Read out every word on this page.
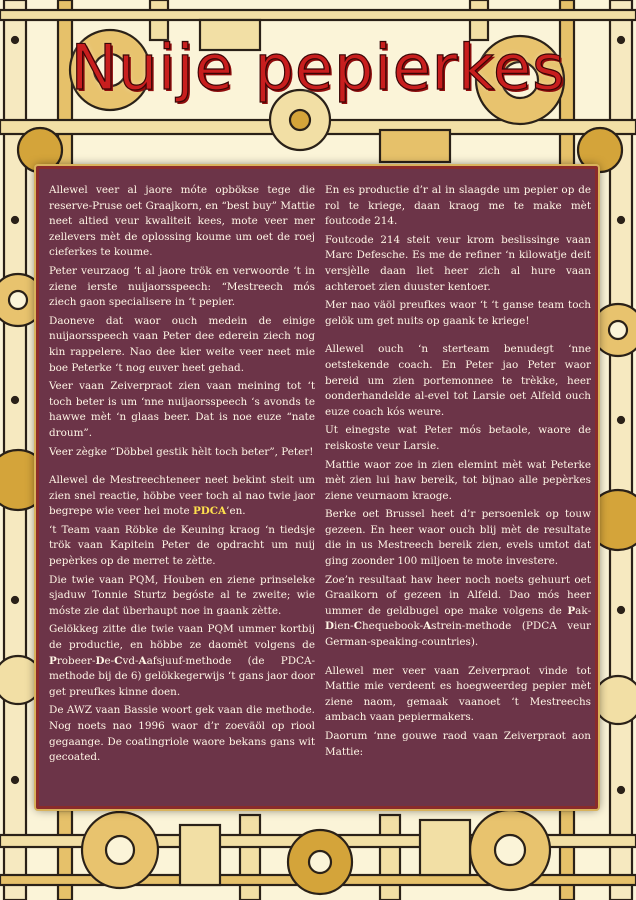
Nuije pepierkes

Allewel veer al jaore móte opbökse tege die reserve-Pruse oet Graajkorn, en “best buy” Mattie neet altied veur kwaliteit kees, mote veer mer zellevers mèt de oplossing koume um oet de roej cieferkes te koume.

Peter veurzaog ‘t al jaore trök en verwoorde ‘t in ziene ierste nuijaorsspeech: “Mestreech mós ziech gaon specialisere in ‘t pepier.

Daoneve dat waor ouch medein de einige nuijaorsspeech vaan Peter dee ederein ziech nog kin rappelere. Nao dee kier weite veer neet mie boe Peterke ‘t nog euver heet gehad.

Veer vaan Zeiverpraot zien vaan meining tot ‘t toch beter is um ‘nne nuijaorsspeech ‘s avonds te hawwe mèt ‘n glaas beer. Dat is noe euze “nate droum”.

Veer zègke “Döbbel gestik hèlt toch beter”, Peter!

Allewel de Mestreechteneer neet bekint steit um zien snel reactie, höbbe veer toch al nao twie jaor begrepe wie veer hei mote PDCA’en.

‘t Team vaan Röbke de Keuning kraog ‘n tiedsje trök vaan Kapitein Peter de opdracht um nuij pepèrkes op de merret te zètte.

Die twie vaan PQM, Houben en ziene prinseleke sjaduw Tonnie Sturtz begóste al te zweite; wie móste zie dat überhaupt noe in gaank zètte.

Gelökkeg zitte die twie vaan PQM ummer kortbij de productie, en höbbe ze daomèt volgens de Probeer-De-Cvd-Aafsjuuf-methode (de PDCA-methode bij de 6) gelökkegerwijs ‘t gans jaor door get preufkes kinne doen.

De AWZ vaan Bassie woort gek vaan die methode. Nog noets nao 1996 waor d’r zoeväöl op riool gegaange. De coatingriole waore bekans gans wit gecoated.

En es productie d’r al in slaagde um pepier op de rol te kriege, daan kraog me te make mèt foutcode 214.

Foutcode 214 steit veur krom beslissinge vaan Marc Defesche. Es me de refiner ‘n kilowatje deit versjèlle daan liet heer zich al hure vaan achteroet zien duuster kentoer.

Mer nao väöl preufkes waor ‘t ‘t ganse team toch gelök um get nuits op gaank te kriege!

Allewel ouch ‘n sterteam benudegt ‘nne oetstekende coach. En Peter jao Peter waor bereid um zien portemonnee te trèkke, heer oonderhandelde al-evel tot Larsie oet Alfeld ouch euze coach kós weure.

Ut einegste wat Peter mós betaole, waore de reiskoste veur Larsie.

Mattie waor zoe in zien elemint mèt wat Peterke mèt zien lui haw bereik, tot bijnao alle pepèrkes ziene veurnaom kraoge.

Berke oet Brussel heet d’r persoenlek op touw gezeen. En heer waor ouch blij mèt de resultate die in us Mestreech bereik zien, evels umtot dat ging zoonder 100 miljoen te mote investere.

Zoe’n resultaat haw heer noch noets gehuurt oet Graaikorn of gezeen in Alfeld. Dao mós heer ummer de geldbugel ope make volgens de Pak-Dien-Chequebook-Astrein-methode (PDCA veur German-speaking-countries).

Allewel mer veer vaan Zeiverpraot vinde tot Mattie mie verdeent es hoegweerdeg pepier mèt ziene naom, gemaak vaanoet ‘t Mestreechs ambach vaan pepiermakers.

Daorum ‘nne gouwe raod vaan Zeiverpraot aon Mattie:
